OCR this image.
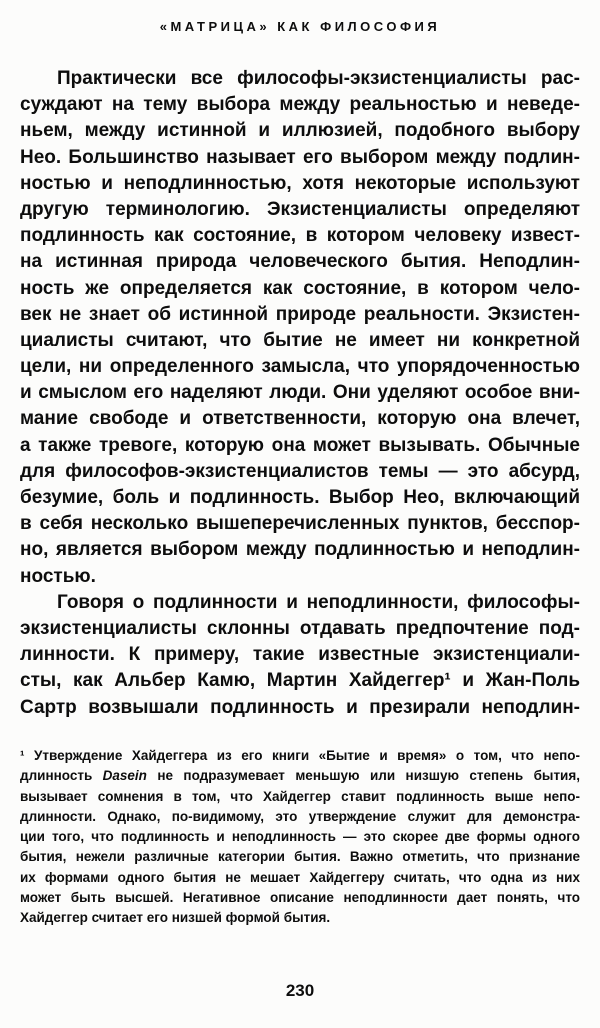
«МАТРИЦА» КАК ФИЛОСОФИЯ
Практически все философы-экзистенциалисты рас-
суждают на тему выбора между реальностью и неведе-
ньем, между истинной и иллюзией, подобного выбору
Нео. Большинство называет его выбором между подлин-
ностью и неподлинностью, хотя некоторые используют
другую терминологию. Экзистенциалисты определяют
подлинность как состояние, в котором человеку извест-
на истинная природа человеческого бытия. Неподлин-
ность же определяется как состояние, в котором чело-
век не знает об истинной природе реальности. Экзистен-
циалисты считают, что бытие не имеет ни конкретной
цели, ни определенного замысла, что упорядоченностью
и смыслом его наделяют люди. Они уделяют особое вни-
мание свободе и ответственности, которую она влечет,
а также тревоге, которую она может вызывать. Обычные
для философов-экзистенциалистов темы — это абсурд,
безумие, боль и подлинность. Выбор Нео, включающий
в себя несколько вышеперечисленных пунктов, бесспор-
но, является выбором между подлинностью и неподлин-
ностью.
Говоря о подлинности и неподлинности, философы-
экзистенциалисты склонны отдавать предпочтение под-
линности. К примеру, такие известные экзистенциали-
сты, как Альбер Камю, Мартин Хайдеггер¹ и Жан-Поль
Сартр возвышали подлинность и презирали неподлин-
¹ Утверждение Хайдеггера из его книги «Бытие и время» о том, что непо-
длинность Dasein не подразумевает меньшую или низшую степень бытия,
вызывает сомнения в том, что Хайдеггер ставит подлинность выше непо-
длинности. Однако, по-видимому, это утверждение служит для демонстра-
ции того, что подлинность и неподлинность — это скорее две формы одного
бытия, нежели различные категории бытия. Важно отметить, что признание
их формами одного бытия не мешает Хайдеггеру считать, что одна из них
может быть высшей. Негативное описание неподлинности дает понять, что
Хайдеггер считает его низшей формой бытия.
230
